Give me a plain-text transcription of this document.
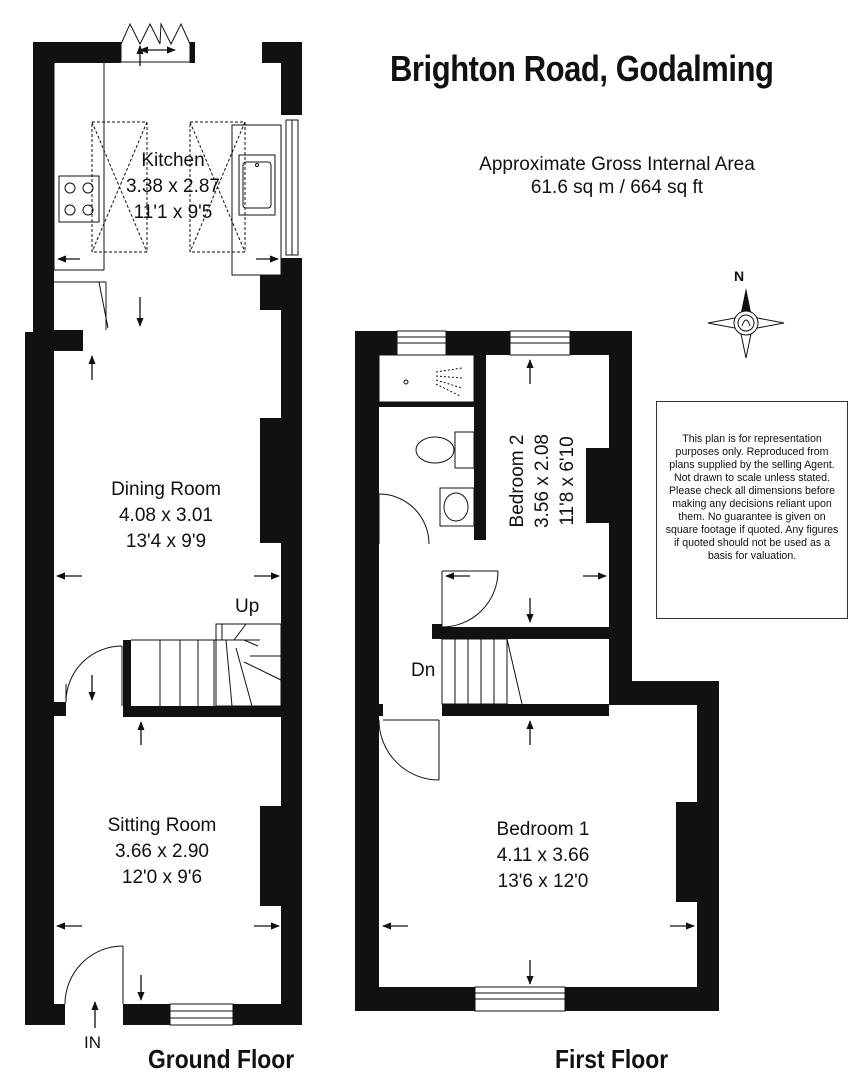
Brighton Road, Godalming
Approximate Gross Internal Area
61.6 sq m / 664 sq ft
N
This plan is for representation purposes only. Reproduced from plans supplied by the selling Agent. Not drawn to scale unless stated. Please check all dimensions before making any decisions reliant upon them. No guarantee is given on square footage if quoted. Any figures if quoted should not be used as a basis for valuation.
Kitchen
3.38 x 2.87
11'1 x 9'5
Dining Room
4.08 x 3.01
13'4 x 9'9
Sitting Room
3.66 x 2.90
12'0 x 9'6
Up
IN
Ground Floor
Bedroom 2 3.56 x 2.08 11'8 x 6'10
Bedroom 1
4.11 x 3.66
13'6 x 12'0
Dn
First Floor
